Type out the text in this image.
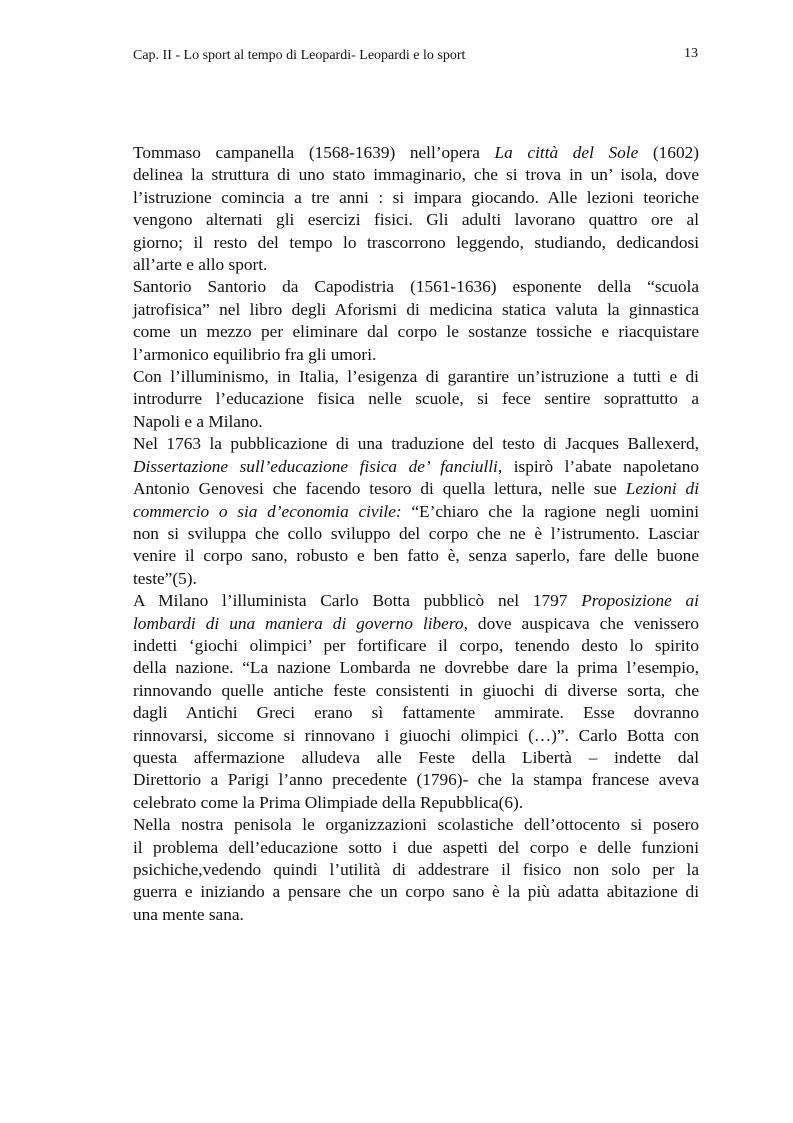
Cap. II - Lo sport al tempo di Leopardi- Leopardi e lo sport	13

Tommaso campanella (1568-1639) nell’opera La città del Sole (1602)
delinea la struttura di uno stato immaginario, che si trova in un’ isola, dove
l’istruzione comincia a tre anni : si impara giocando. Alle lezioni teoriche
vengono alternati gli esercizi fisici. Gli adulti lavorano quattro ore al
giorno; il resto del tempo lo trascorrono leggendo, studiando, dedicandosi
all’arte e allo sport.

Santorio Santorio da Capodistria (1561-1636) esponente della “scuola
jatrofisica” nel libro degli Aforismi di medicina statica valuta la ginnastica
come un mezzo per eliminare dal corpo le sostanze tossiche e riacquistare
l’armonico equilibrio fra gli umori.

Con l’illuminismo, in Italia, l’esigenza di garantire un’istruzione a tutti e di
introdurre l’educazione fisica nelle scuole, si fece sentire soprattutto a
Napoli e a Milano.

Nel 1763 la pubblicazione di una traduzione del testo di Jacques Ballexerd,
Dissertazione sull’educazione fisica de’ fanciulli, ispirò l’abate napoletano
Antonio Genovesi che facendo tesoro di quella lettura, nelle sue Lezioni di
commercio o sia d’economia civile: “E’chiaro che la ragione negli uomini
non si sviluppa che collo sviluppo del corpo che ne è l’istrumento. Lasciar
venire il corpo sano, robusto e ben fatto è, senza saperlo, fare delle buone
teste”(5).

A Milano l’illuminista Carlo Botta pubblicò nel 1797 Proposizione ai
lombardi di una maniera di governo libero, dove auspicava che venissero
indetti ‘giochi olimpici’ per fortificare il corpo, tenendo desto lo spirito
della nazione. “La nazione Lombarda ne dovrebbe dare la prima l’esempio,
rinnovando quelle antiche feste consistenti in giuochi di diverse sorta, che
dagli Antichi Greci erano sì fattamente ammirate. Esse dovranno
rinnovarsi, siccome si rinnovano i giuochi olimpici (…)”. Carlo Botta con
questa affermazione alludeva alle Feste della Libertà – indette dal
Direttorio a Parigi l’anno precedente (1796)- che la stampa francese aveva
celebrato come la Prima Olimpiade della Repubblica(6).

Nella nostra penisola le organizzazioni scolastiche dell’ottocento si posero
il problema dell’educazione sotto i due aspetti del corpo e delle funzioni
psichiche,vedendo quindi l’utilità di addestrare il fisico non solo per la
guerra e iniziando a pensare che un corpo sano è la più adatta abitazione di
una mente sana.
